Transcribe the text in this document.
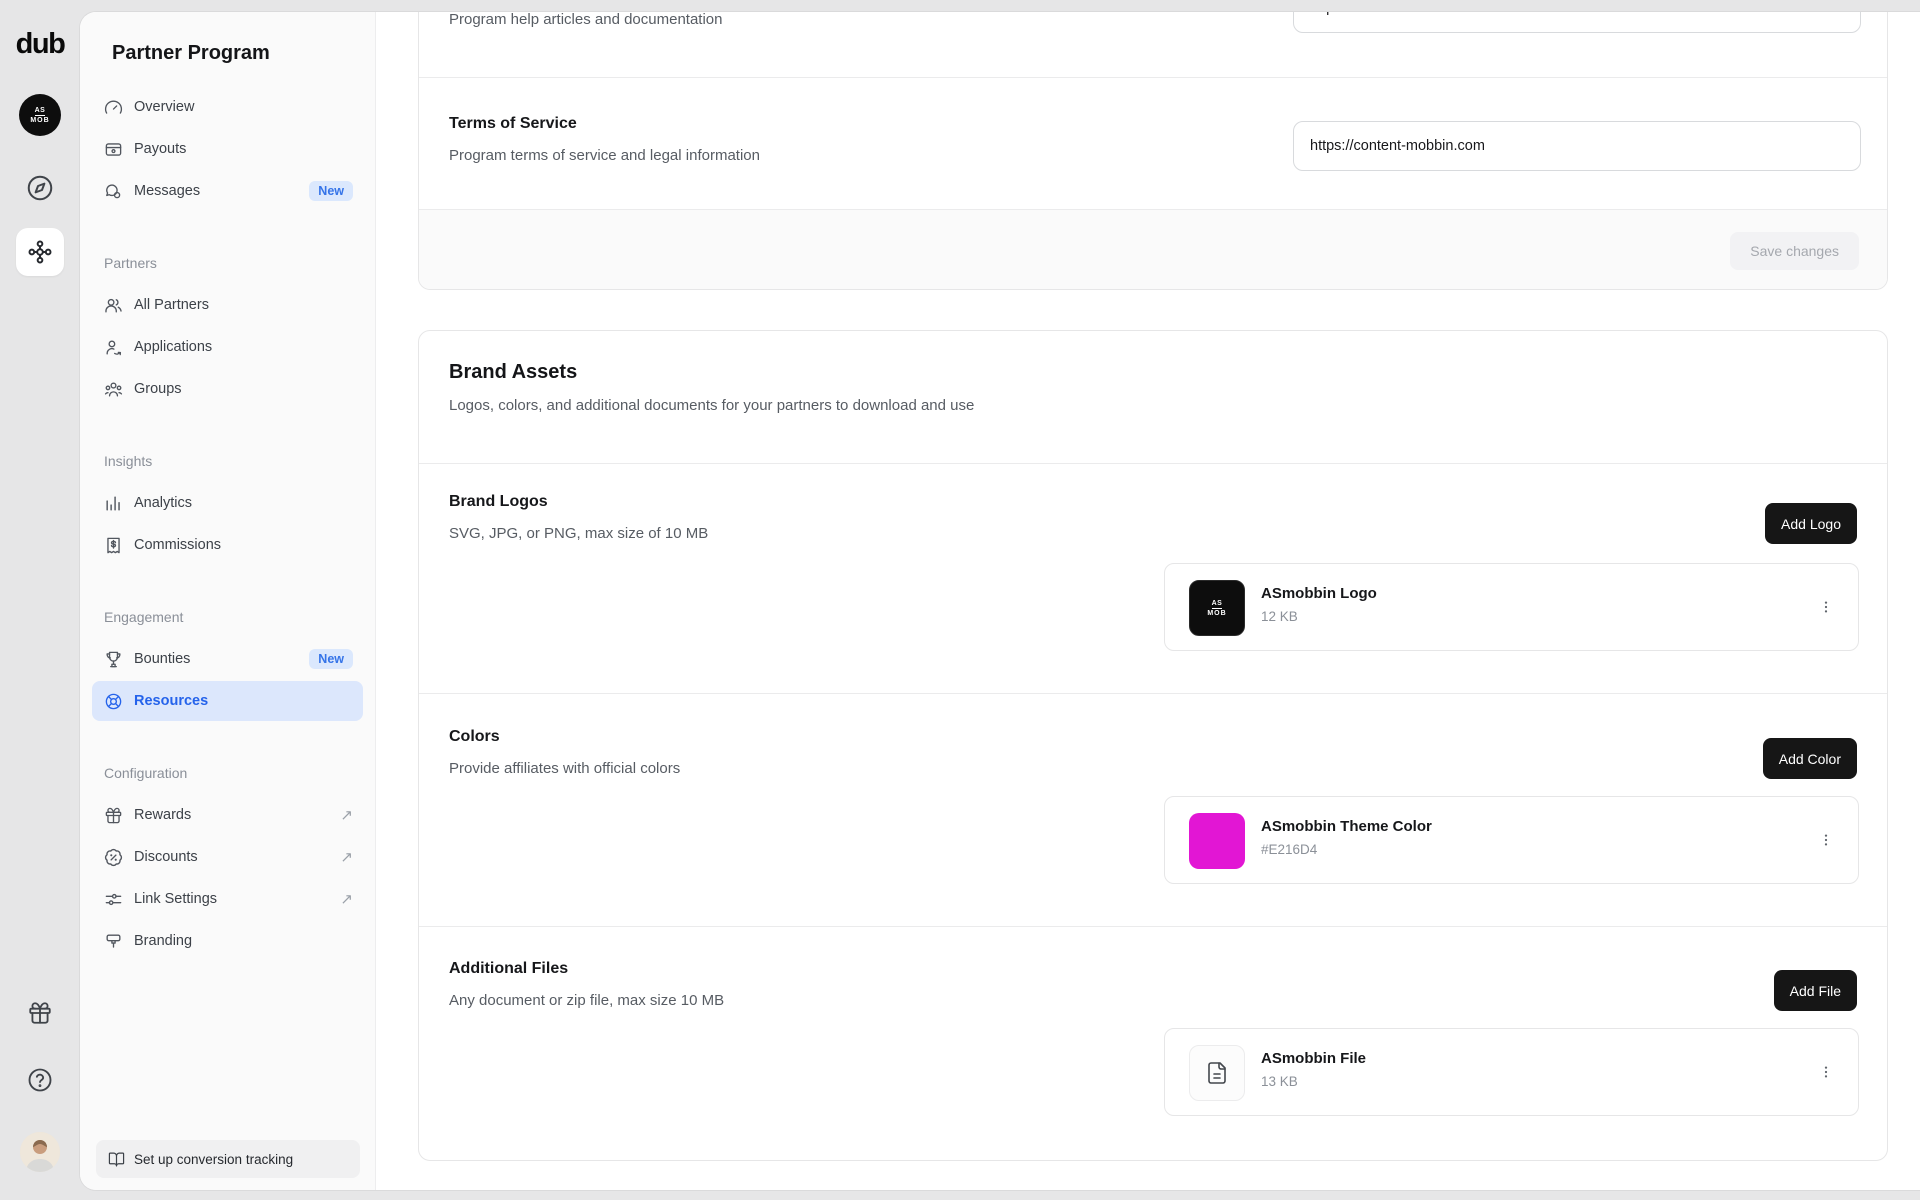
dub
AS
MOB
Partner Program
Overview
Payouts
Messages	New
Partners
All Partners
Applications
Groups
Insights
Analytics
Commissions
Engagement
Bounties	New
Resources
Configuration
Rewards	↗
Discounts	↗
Link Settings	↗
Branding
Set up conversion tracking
Program help articles and documentation
https://content-mobbin.com
Terms of Service
Program terms of service and legal information
https://content-mobbin.com
Save changes
Brand Assets
Logos, colors, and additional documents for your partners to download and use
Brand Logos
SVG, JPG, or PNG, max size of 10 MB
Add Logo
AS
MOB
ASmobbin Logo
12 KB
Colors
Provide affiliates with official colors
Add Color
ASmobbin Theme Color
#E216D4
Additional Files
Any document or zip file, max size 10 MB
Add File
ASmobbin File
13 KB
